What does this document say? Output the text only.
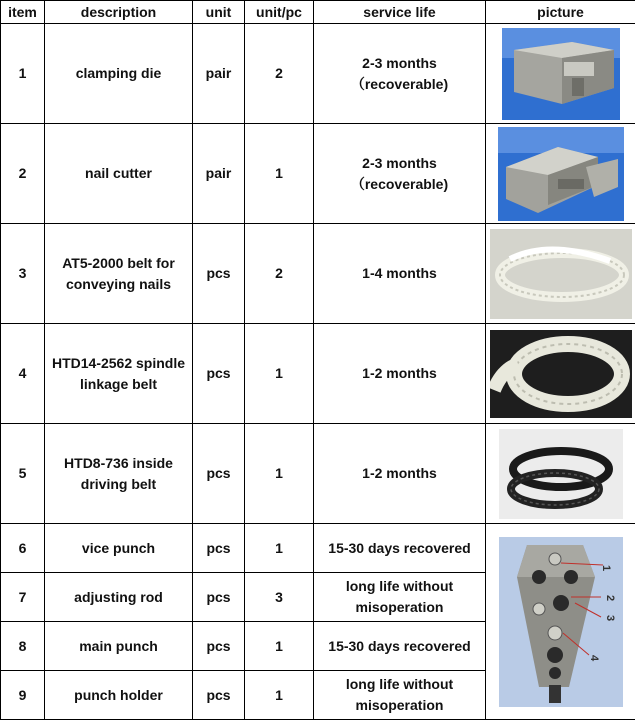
item	description	unit	unit/pc	service life	picture
1	clamping die	pair	2	2-3 months
（recoverable)

2	nail cutter	pair	1	2-3 months
（recoverable)

3	AT5-2000 belt for
conveying nails	pcs	2	1-4 months	

4	HTD14-2562 spindle
linkage belt	pcs	1	1-2 months	

5	HTD8-736 inside
driving belt	pcs	1	1-2 months	

6	vice punch	pcs	1	15-30 days recovered	1
2
3
4

7	adjusting rod	pcs	3	long life without
misoperation	

8	main punch	pcs	1	15-30 days recovered	
9	punch holder	pcs	1	long life without
misoperation	
